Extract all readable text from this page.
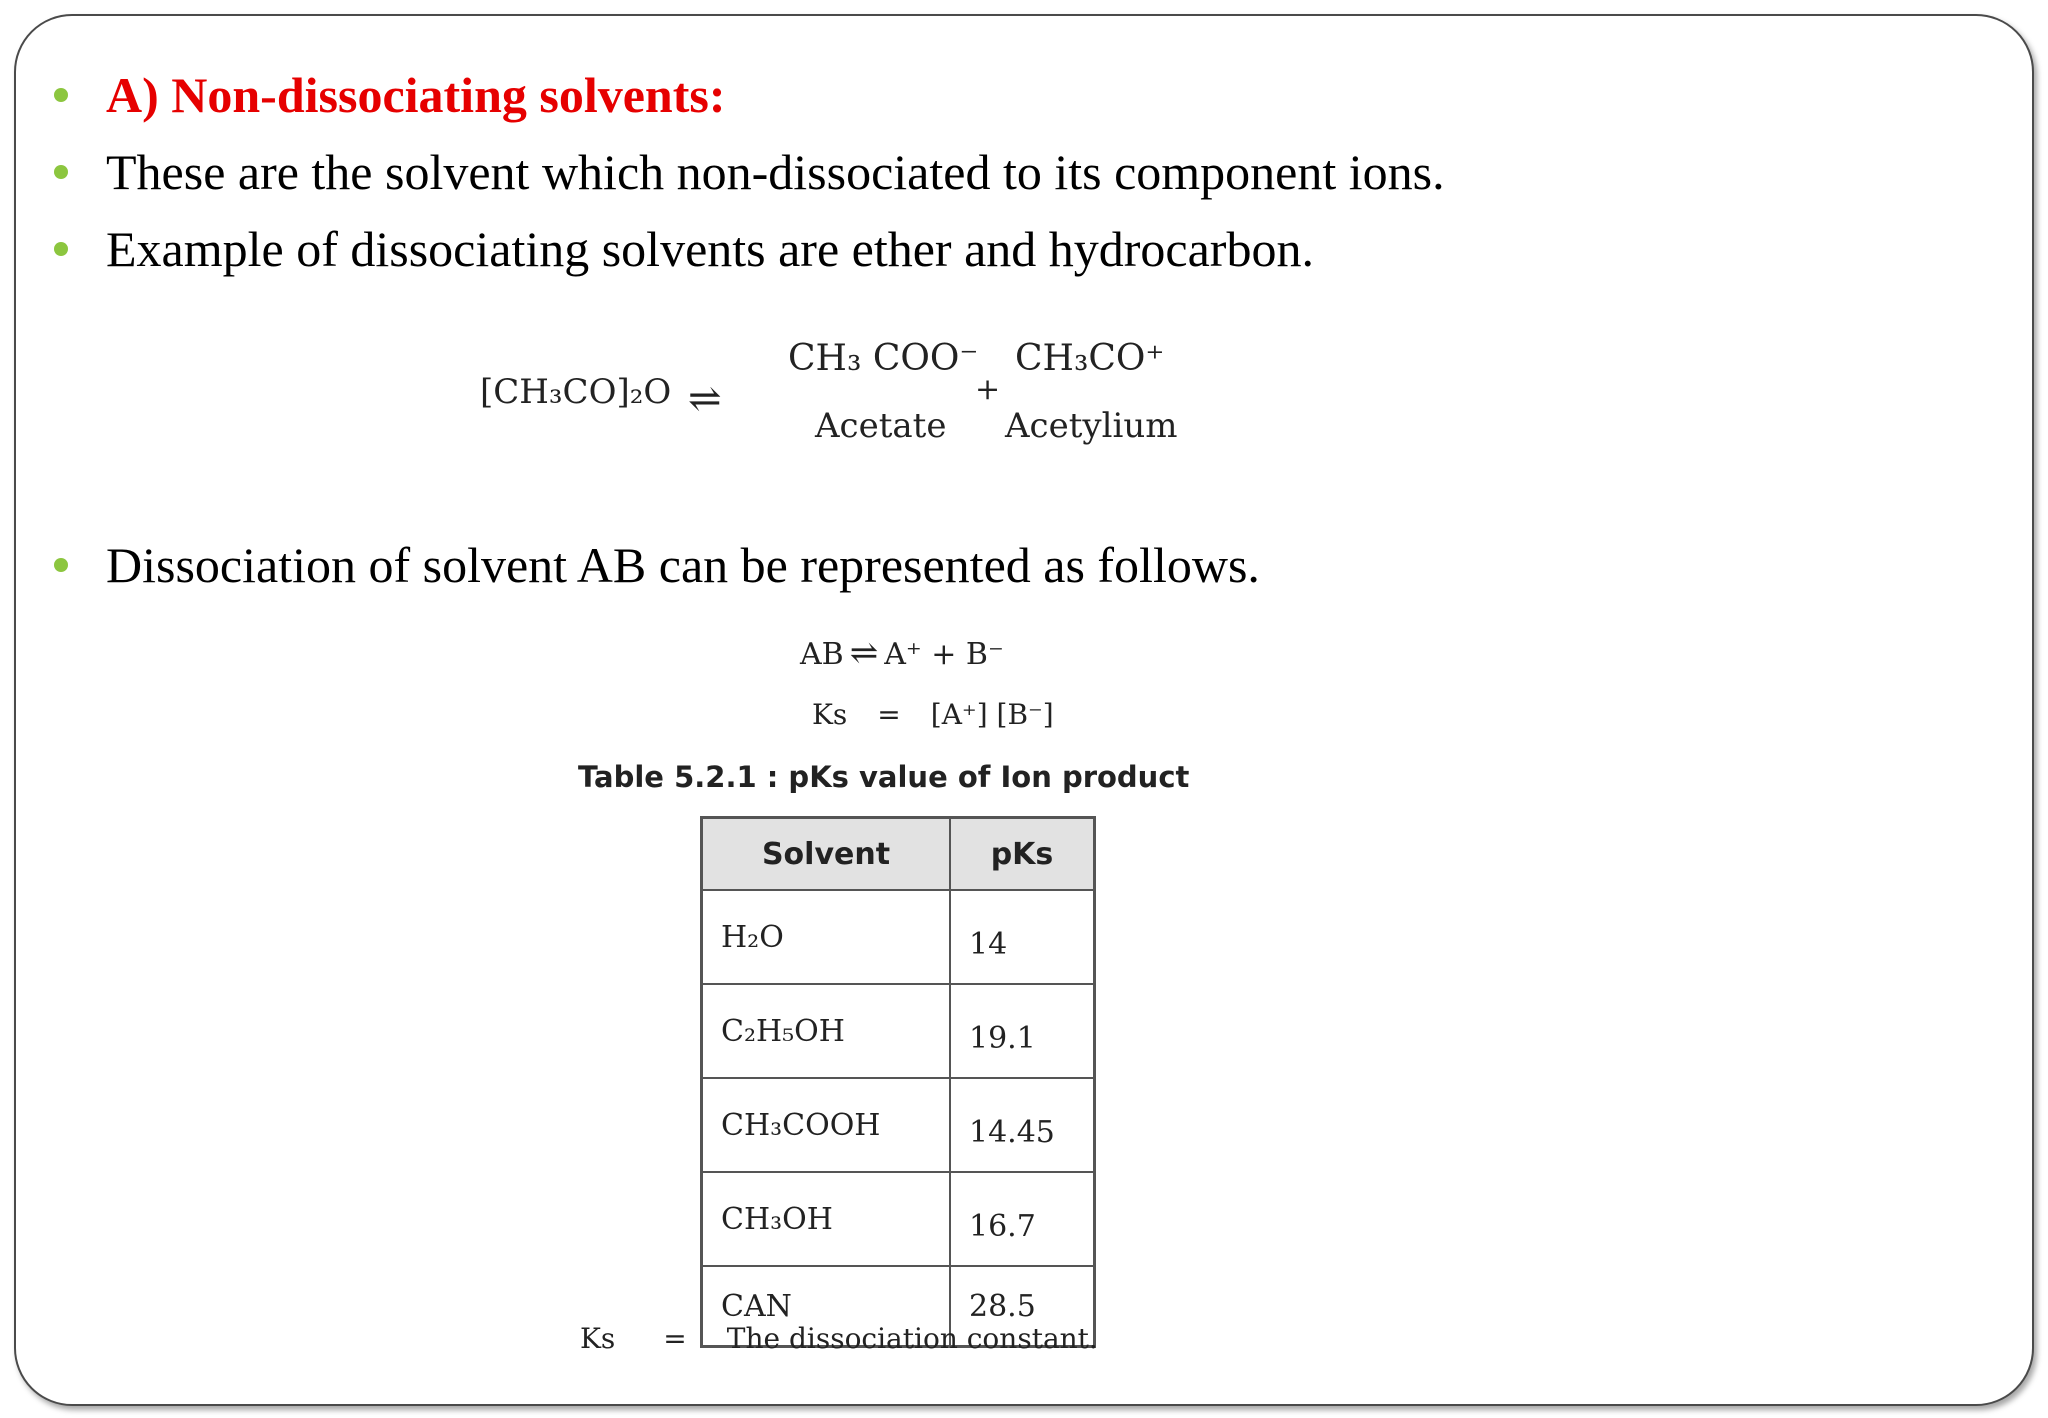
A) Non-dissociating solvents:
These are the solvent which non-dissociated to its component ions.
Example of dissociating solvents are ether and hydrocarbon.
[CH₃CO]₂O ⇌
CH₃ COO⁻
Acetate
+
CH₃CO⁺
Acetylium
Dissociation of solvent AB can be represented as follows.
AB ⇌ A⁺ + B⁻
Ks = [A⁺] [B⁻]
Table 5.2.1 : pKs value of Ion product
Solvent	pKs
H₂O	14
C₂H₅OH	19.1
CH₃COOH	14.45
CH₃OH	16.7
CAN	28.5
Ks = The dissociation constant.
